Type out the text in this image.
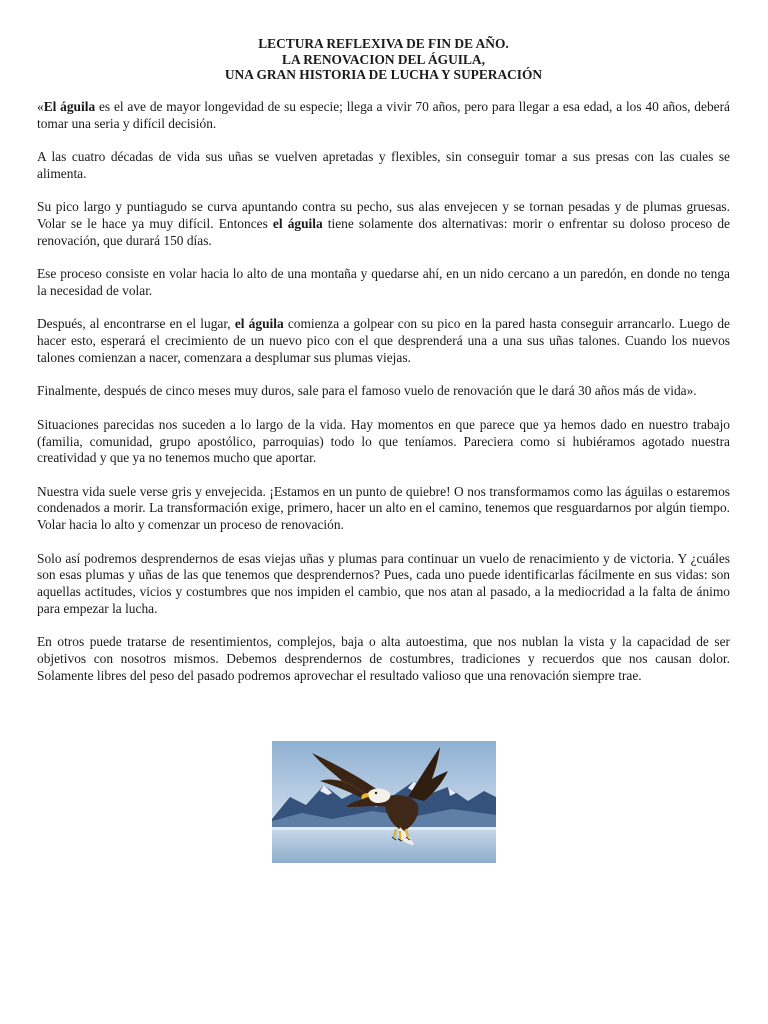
LECTURA REFLEXIVA DE FIN DE AÑO.
LA RENOVACION DEL ÁGUILA,
UNA GRAN HISTORIA DE LUCHA Y SUPERACIÓN

«El águila es el ave de mayor longevidad de su especie; llega a vivir 70 años, pero para llegar a esa edad, a los 40 años, deberá tomar una seria y difícil decisión.

A las cuatro décadas de vida sus uñas se vuelven apretadas y flexibles, sin conseguir tomar a sus presas con las cuales se alimenta.

Su pico largo y puntiagudo se curva apuntando contra su pecho, sus alas envejecen y se tornan pesadas y de plumas gruesas. Volar se le hace ya muy difícil. Entonces el águila tiene solamente dos alternativas: morir o enfrentar su doloso proceso de renovación, que durará 150 días.

Ese proceso consiste en volar hacia lo alto de una montaña y quedarse ahí, en un nido cercano a un paredón, en donde no tenga la necesidad de volar.

Después, al encontrarse en el lugar, el águila comienza a golpear con su pico en la pared hasta conseguir arrancarlo. Luego de hacer esto, esperará el crecimiento de un nuevo pico con el que desprenderá una a una sus uñas talones. Cuando los nuevos talones comienzan a nacer, comenzara a desplumar sus plumas viejas.

Finalmente, después de cinco meses muy duros, sale para el famoso vuelo de renovación que le dará 30 años más de vida».

Situaciones parecidas nos suceden a lo largo de la vida. Hay momentos en que parece que ya hemos dado en nuestro trabajo (familia, comunidad, grupo apostólico, parroquias) todo lo que teníamos. Pareciera como si hubiéramos agotado nuestra creatividad y que ya no tenemos mucho que aportar.

Nuestra vida suele verse gris y envejecida. ¡Estamos en un punto de quiebre! O nos transformamos como las águilas o estaremos condenados a morir. La transformación exige, primero, hacer un alto en el camino, tenemos que resguardarnos por algún tiempo. Volar hacia lo alto y comenzar un proceso de renovación.

Solo así podremos desprendernos de esas viejas uñas y plumas para continuar un vuelo de renacimiento y de victoria. Y ¿cuáles son esas plumas y uñas de las que tenemos que desprendernos? Pues, cada uno puede identificarlas fácilmente en sus vidas: son aquellas actitudes, vicios y costumbres que nos impiden el cambio, que nos atan al pasado, a la mediocridad a la falta de ánimo para empezar la lucha.

En otros puede tratarse de resentimientos, complejos, baja o alta autoestima, que nos nublan la vista y la capacidad de ser objetivos con nosotros mismos. Debemos desprendernos de costumbres, tradiciones y recuerdos que nos causan dolor. Solamente libres del peso del pasado podremos aprovechar el resultado valioso que una renovación siempre trae.
